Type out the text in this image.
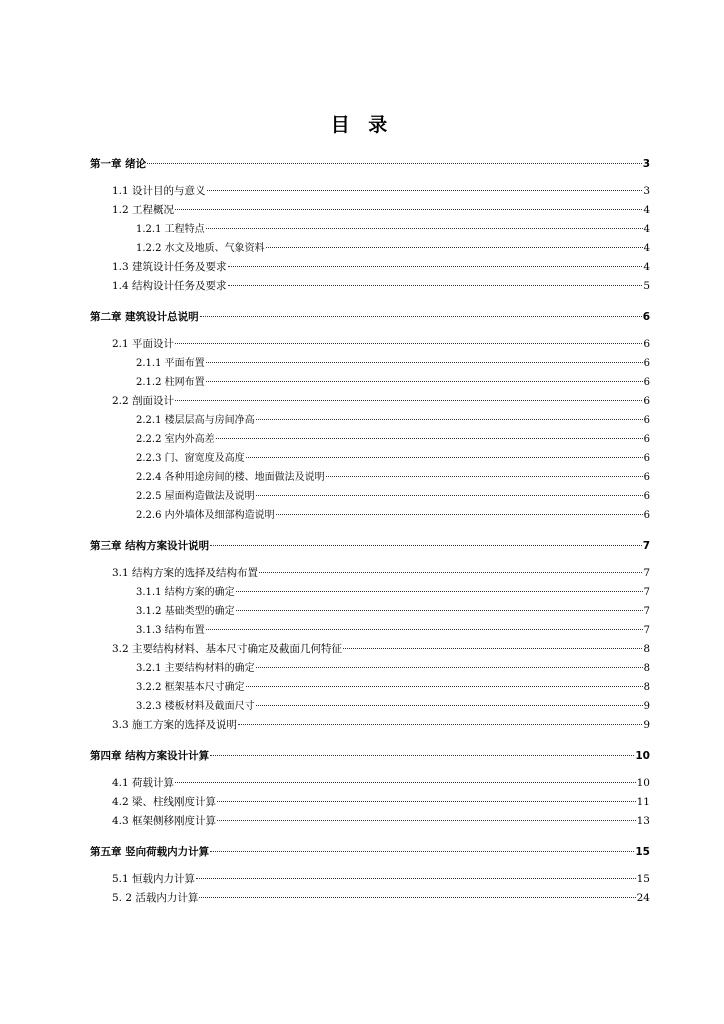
目 录
第一章 绪论	3
1.1 设计目的与意义	3
1.2 工程概况	4
1.2.1 工程特点	4
1.2.2 水文及地质、气象资料	4
1.3 建筑设计任务及要求	4
1.4 结构设计任务及要求	5
第二章 建筑设计总说明	6
2.1 平面设计	6
2.1.1 平面布置	6
2.1.2 柱网布置	6
2.2 剖面设计	6
2.2.1 楼层层高与房间净高	6
2.2.2 室内外高差	6
2.2.3 门、窗宽度及高度	6
2.2.4 各种用途房间的楼、地面做法及说明	6
2.2.5 屋面构造做法及说明	6
2.2.6 内外墙体及细部构造说明	6
第三章 结构方案设计说明	7
3.1 结构方案的选择及结构布置	7
3.1.1 结构方案的确定	7
3.1.2 基础类型的确定	7
3.1.3 结构布置	7
3.2 主要结构材料、基本尺寸确定及截面几何特征	8
3.2.1 主要结构材料的确定	8
3.2.2 框架基本尺寸确定	8
3.2.3 楼板材料及截面尺寸	9
3.3 施工方案的选择及说明	9
第四章 结构方案设计计算	10
4.1 荷载计算	10
4.2 梁、柱线刚度计算	11
4.3 框架侧移刚度计算	13
第五章 竖向荷载内力计算	15
5.1 恒载内力计算	15
5. 2 活载内力计算	24
